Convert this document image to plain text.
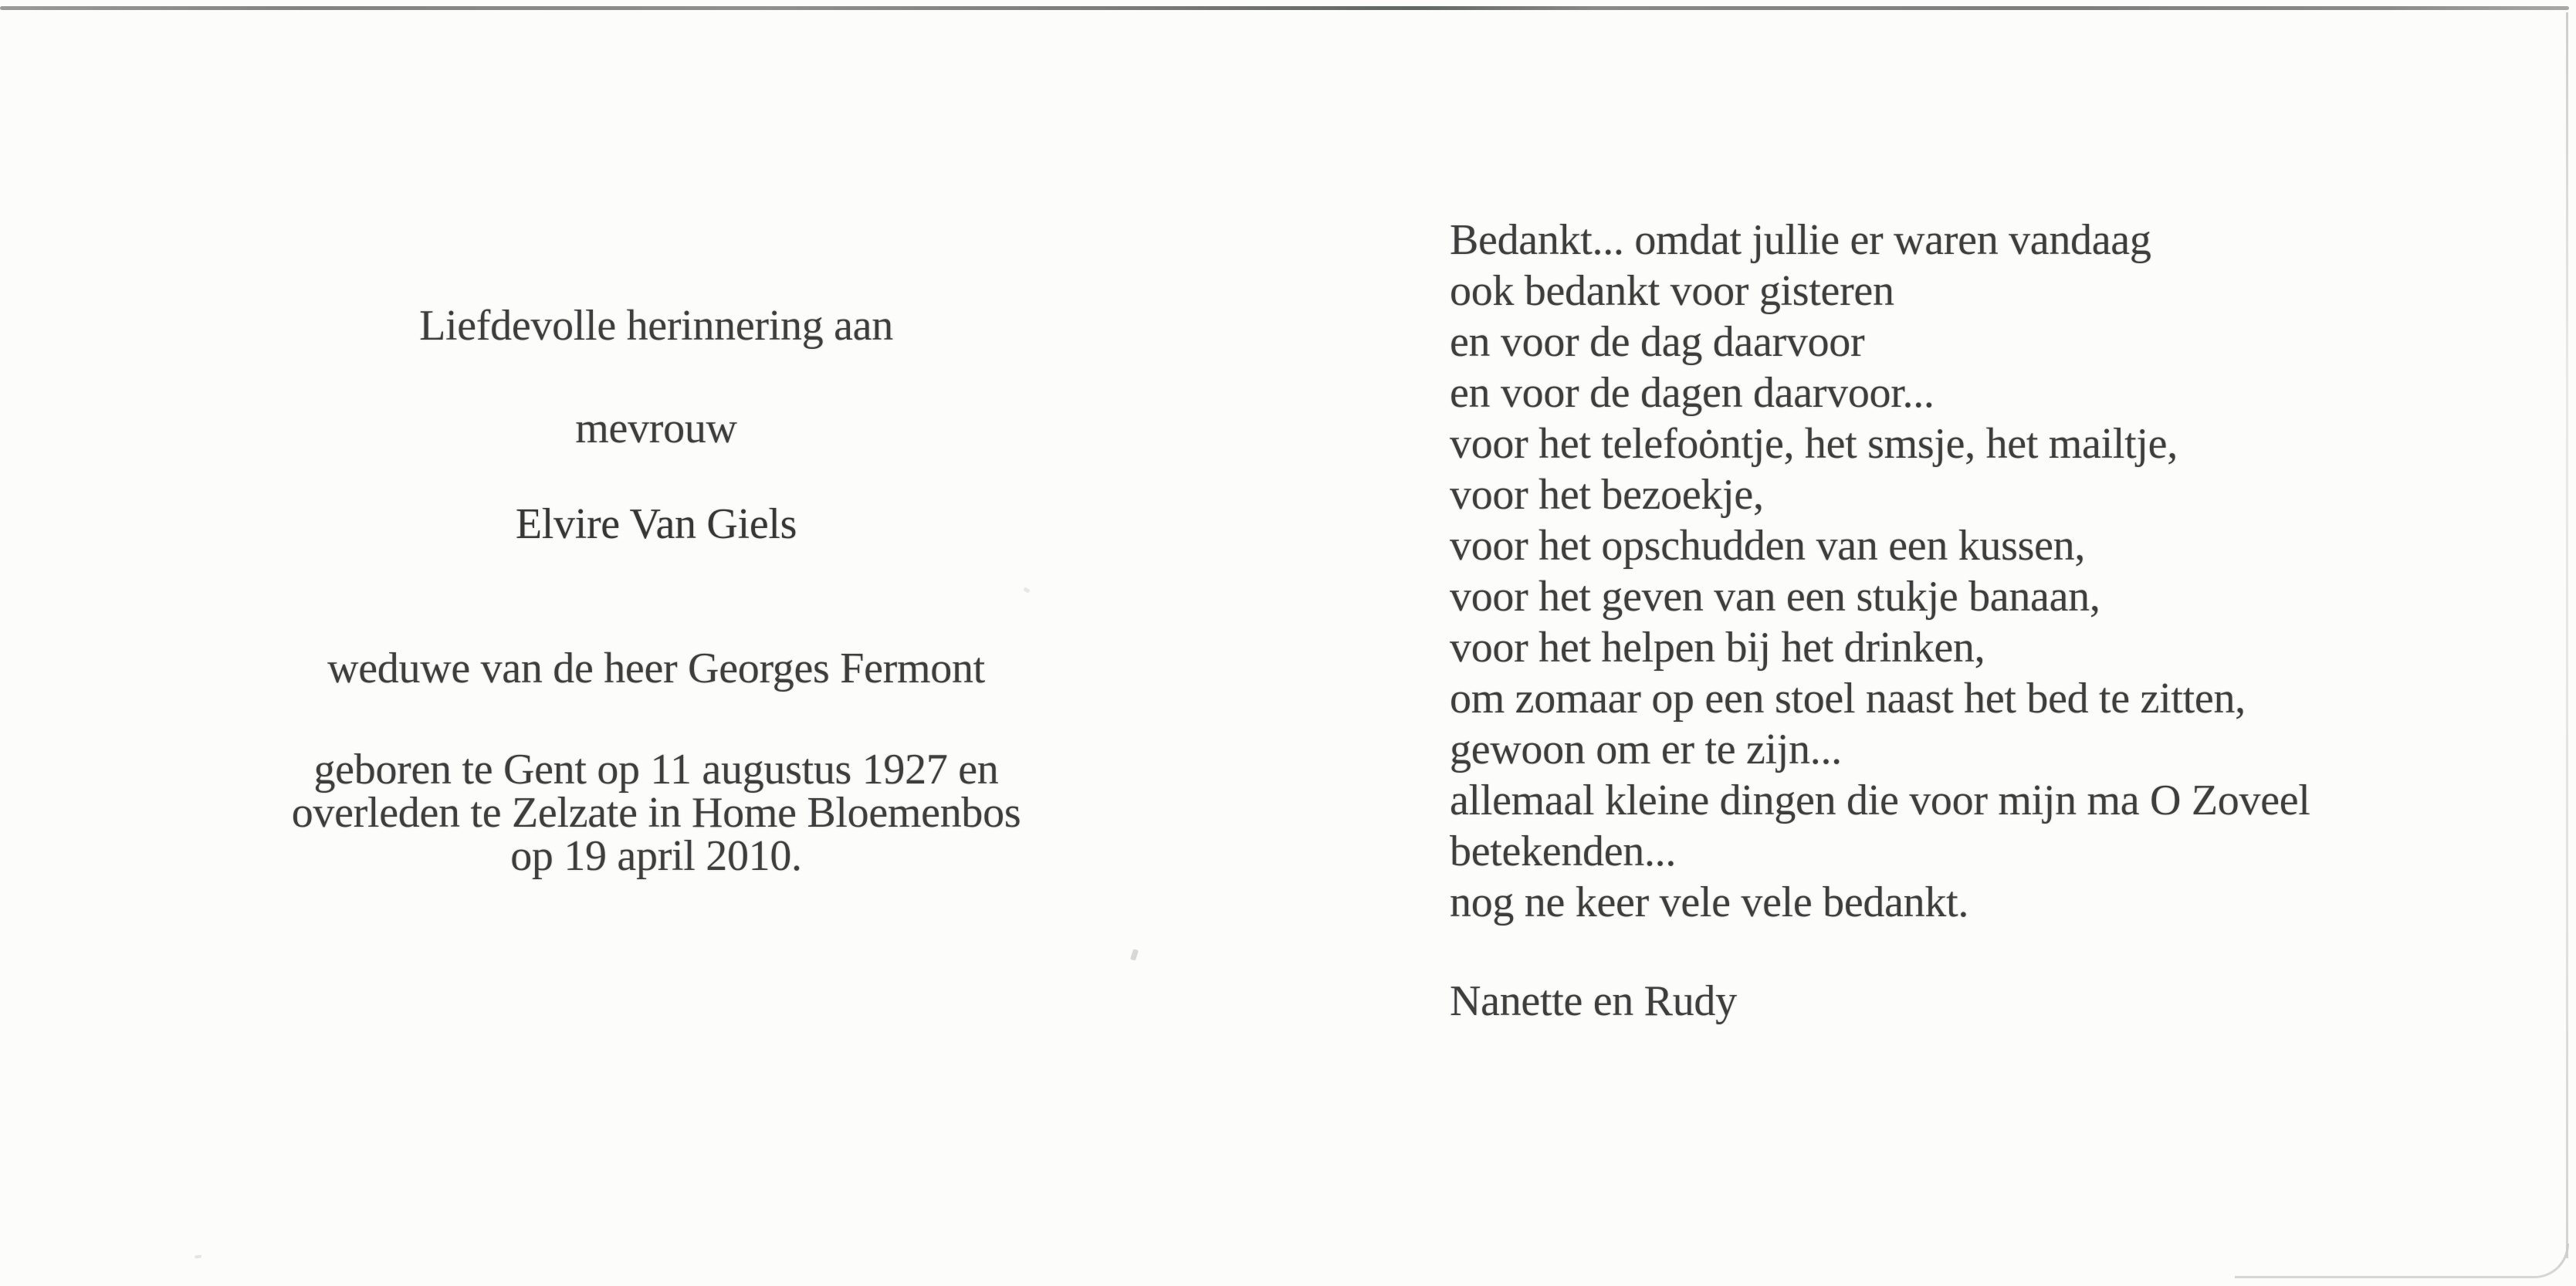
Liefdevolle herinnering aan
mevrouw
Elvire Van Giels
weduwe van de heer Georges Fermont
geboren te Gent op 11 augustus 1927 en
overleden te Zelzate in Home Bloemenbos
op 19 april 2010.
Bedankt... omdat jullie er waren vandaag
ook bedankt voor gisteren
en voor de dag daarvoor
en voor de dagen daarvoor...
voor het telefoȯntje, het smsje, het mailtje,
voor het bezoekje,
voor het opschudden van een kussen,
voor het geven van een stukje banaan,
voor het helpen bij het drinken,
om zomaar op een stoel naast het bed te zitten,
gewoon om er te zijn...
allemaal kleine dingen die voor mijn ma O Zoveel
betekenden...
nog ne keer vele vele bedankt.
Nanette en Rudy
